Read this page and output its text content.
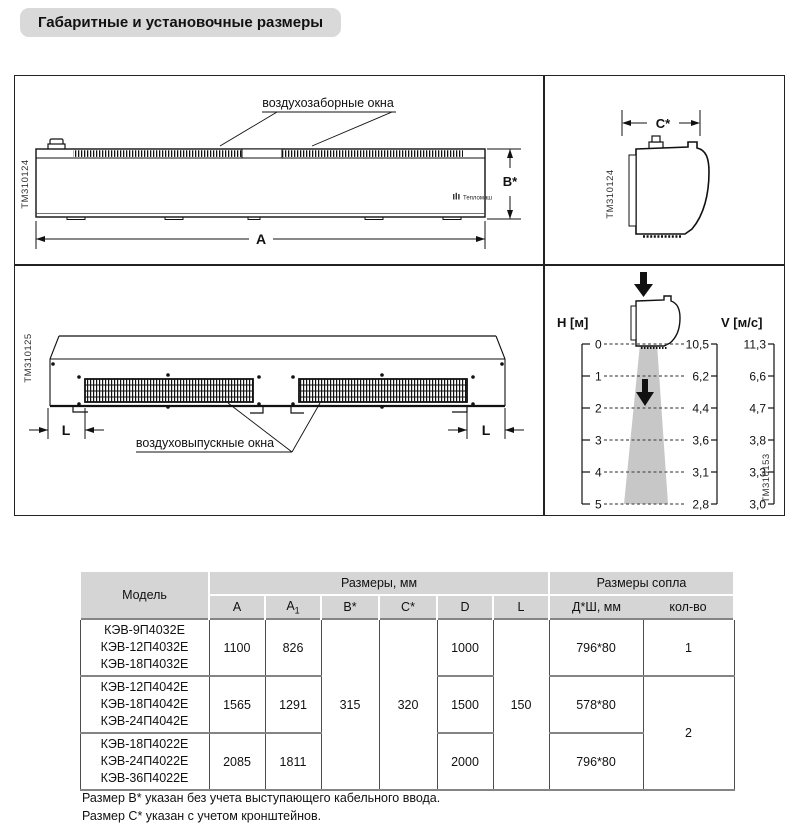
Габаритные и установочные размеры
воздухозаборные окна
Тепломаш
B*
A
ТМ310124
C*
ТМ310124
L	L
воздуховыпускные окна
ТМ310125
H [м]	V [м/с]
0
1
2
3
4
5
10,5
6,2
4,4
3,6
3,1
2,8
11,3
6,6
4,7
3,8
3,3
3,0
ТМ310153
Модель	Размеры, мм						Размеры сопла	
	A	$А_1$	B*	C*	D	L	Д*Ш, мм	кол-во

КЭВ-9П4032Е
КЭВ-12П4032Е
КЭВ-18П4032Е	1100	826	315	320	1000	150	796*80	1

КЭВ-12П4042Е
КЭВ-18П4042Е
КЭВ-24П4042Е	1565	1291			1500		578*80	2

КЭВ-18П4022Е
КЭВ-24П4022Е
КЭВ-36П4022Е	2085	1811			2000		796*80	
Размер В* указан без учета выступающего кабельного ввода.
Размер С* указан с учетом кронштейнов.
